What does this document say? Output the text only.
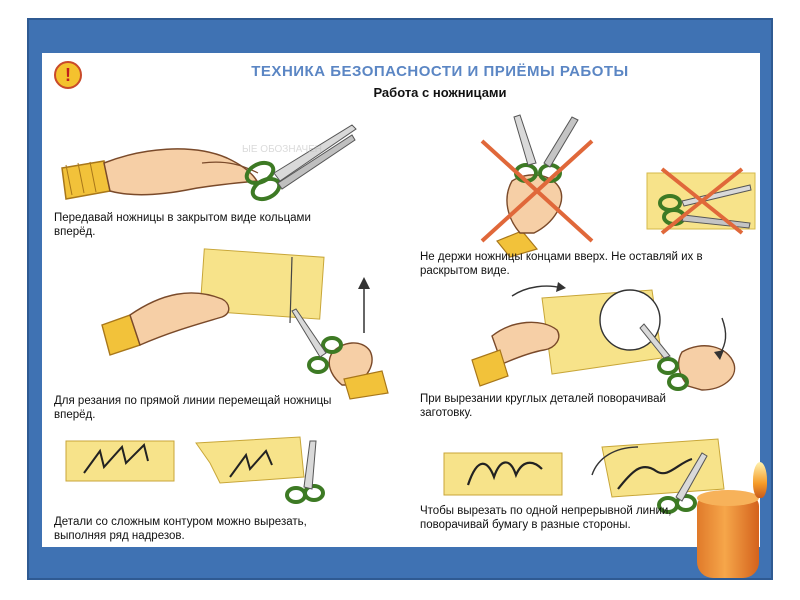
!	ТЕХНИКА БЕЗОПАСНОСТИ И ПРИЁМЫ РАБОТЫ
Работа с ножницами
ЫЕ ОБОЗНАЧЕН
Передавай ножницы в закрытом виде кольцами вперёд.
Не держи ножницы концами вверх. Не оставляй их в раскрытом виде.
Для резания по прямой линии перемещай ножницы вперёд.
При вырезании круглых деталей поворачивай заготовку.
Детали со сложным контуром можно вырезать, выполняя ряд надрезов.
Чтобы вырезать по одной непрерывной линии, поворачивай бумагу в разные стороны.
